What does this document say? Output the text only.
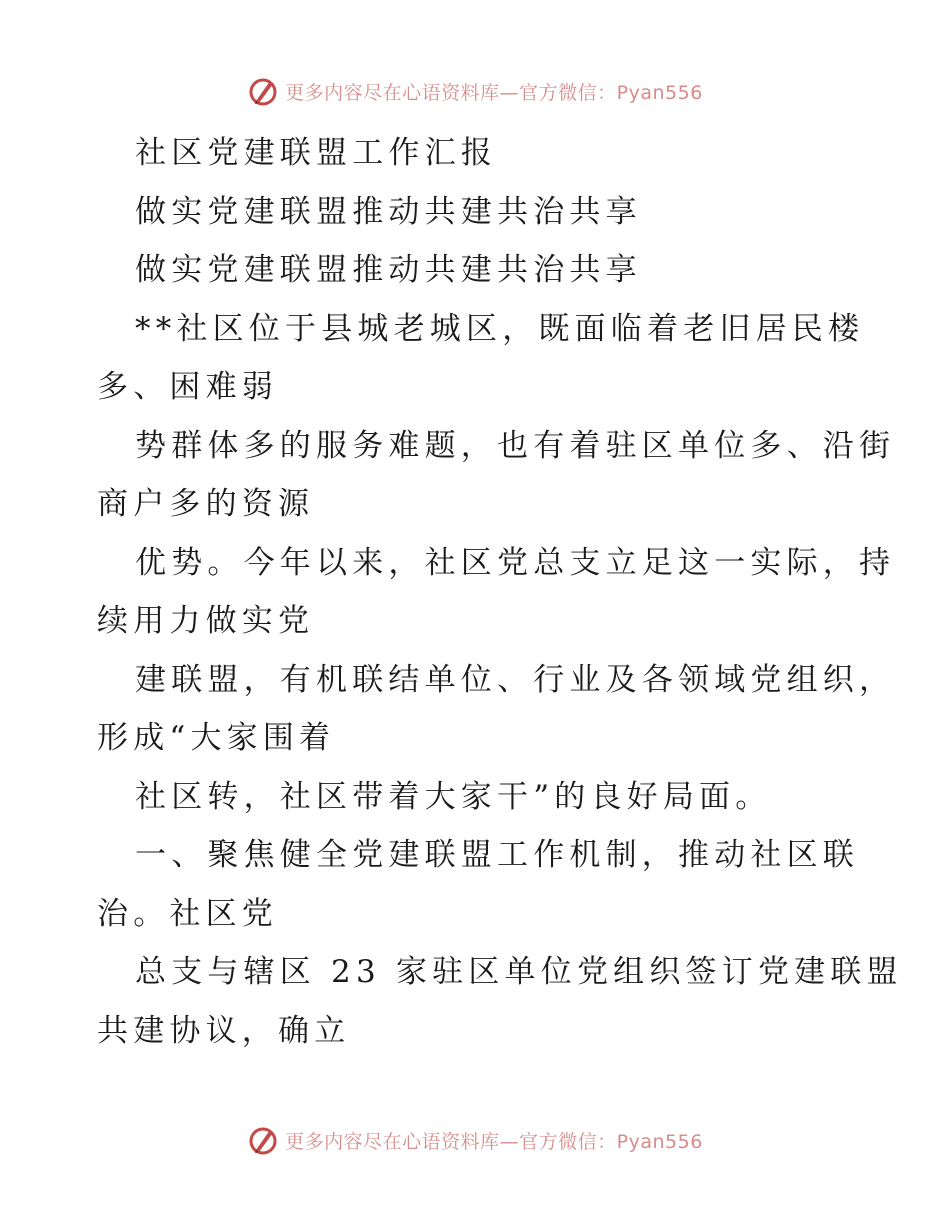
更多内容尽在心语资料库—官方微信：Pyan556
社区党建联盟工作汇报
做实党建联盟推动共建共治共享
做实党建联盟推动共建共治共享
**社区位于县城老城区，既面临着老旧居民楼
多、困难弱
势群体多的服务难题，也有着驻区单位多、沿街
商户多的资源
优势。今年以来，社区党总支立足这一实际，持
续用力做实党
建联盟，有机联结单位、行业及各领域党组织，
形成“大家围着
社区转，社区带着大家干”的良好局面。
一、聚焦健全党建联盟工作机制，推动社区联
治。社区党
总支与辖区 23 家驻区单位党组织签订党建联盟
共建协议，确立
更多内容尽在心语资料库—官方微信：Pyan556
